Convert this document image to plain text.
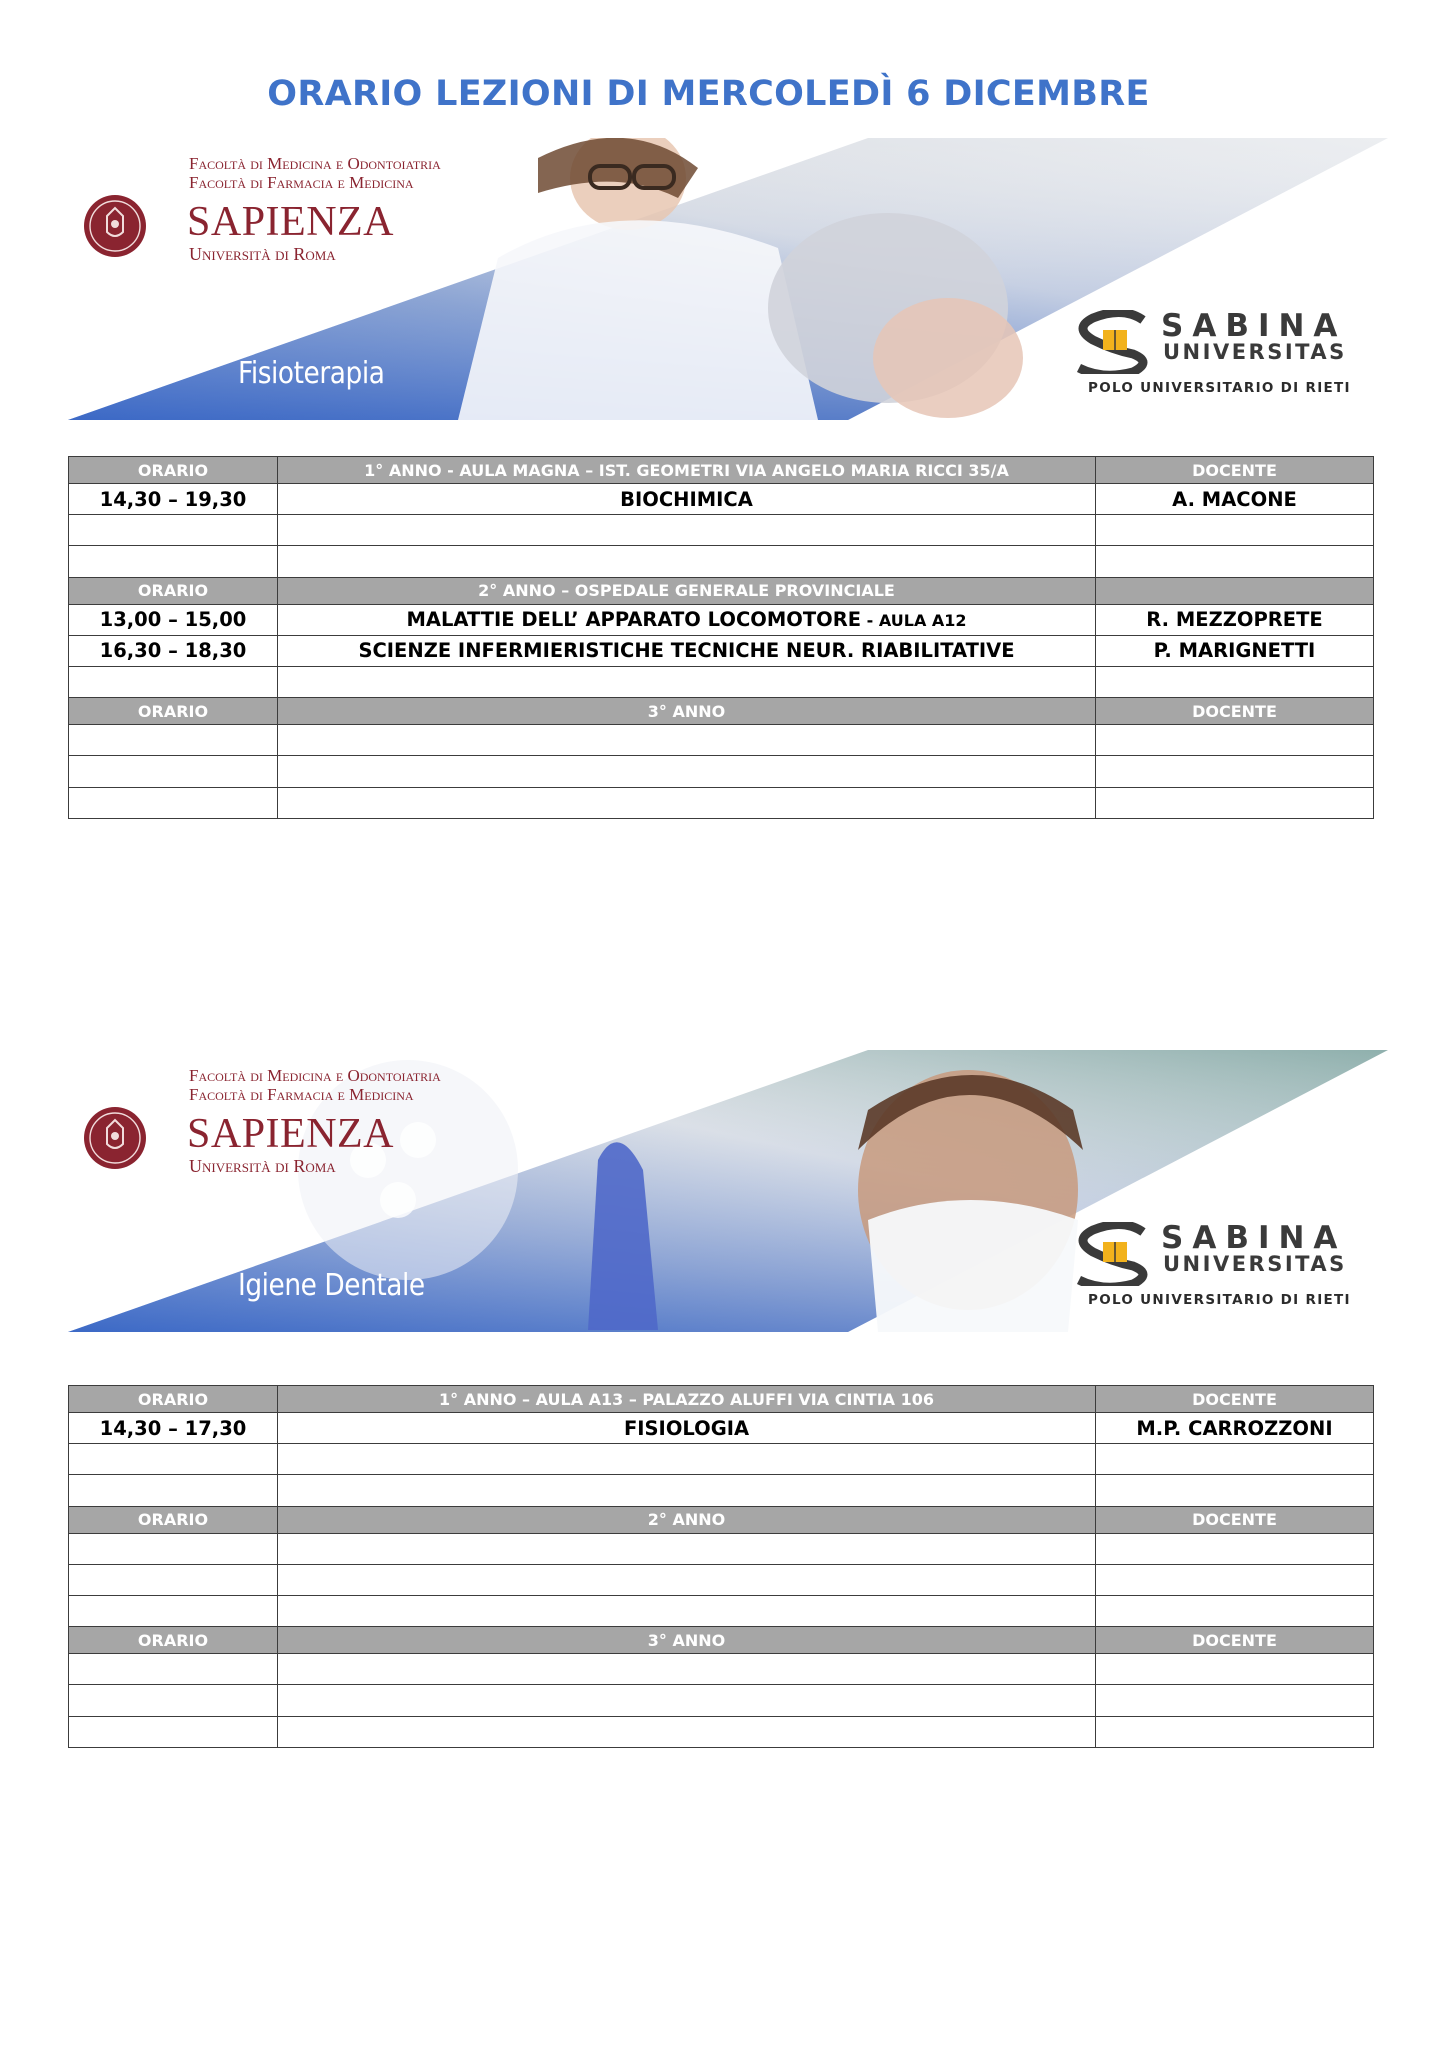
ORARIO LEZIONI DI MERCOLEDÌ 6 DICEMBRE
Facoltà di Medicina e Odontoiatria
Facoltà di Farmacia e Medicina
SAPIENZA
Università di Roma
Fisioterapia
SABINA
UNIVERSITAS
POLO UNIVERSITARIO DI RIETI
ORARIO	1° ANNO - AULA MAGNA – IST. GEOMETRI VIA ANGELO MARIA RICCI 35/A	DOCENTE
14,30 – 19,30	BIOCHIMICA	A. MACONE

ORARIO	2° ANNO – OSPEDALE GENERALE PROVINCIALE	
13,00 – 15,00	MALATTIE DELL’ APPARATO LOCOMOTORE - AULA A12	R. MEZZOPRETE
16,30 – 18,30	SCIENZE INFERMIERISTICHE TECNICHE NEUR. RIABILITATIVE	P. MARIGNETTI

ORARIO	3° ANNO	DOCENTE

Facoltà di Medicina e Odontoiatria
Facoltà di Farmacia e Medicina
SAPIENZA
Università di Roma
Igiene Dentale
SABINA
UNIVERSITAS
POLO UNIVERSITARIO DI RIETI
ORARIO	1° ANNO – AULA A13 – PALAZZO ALUFFI VIA CINTIA 106	DOCENTE
14,30 – 17,30	FISIOLOGIA	M.P. CARROZZONI

ORARIO	2° ANNO	DOCENTE

ORARIO	3° ANNO	DOCENTE
